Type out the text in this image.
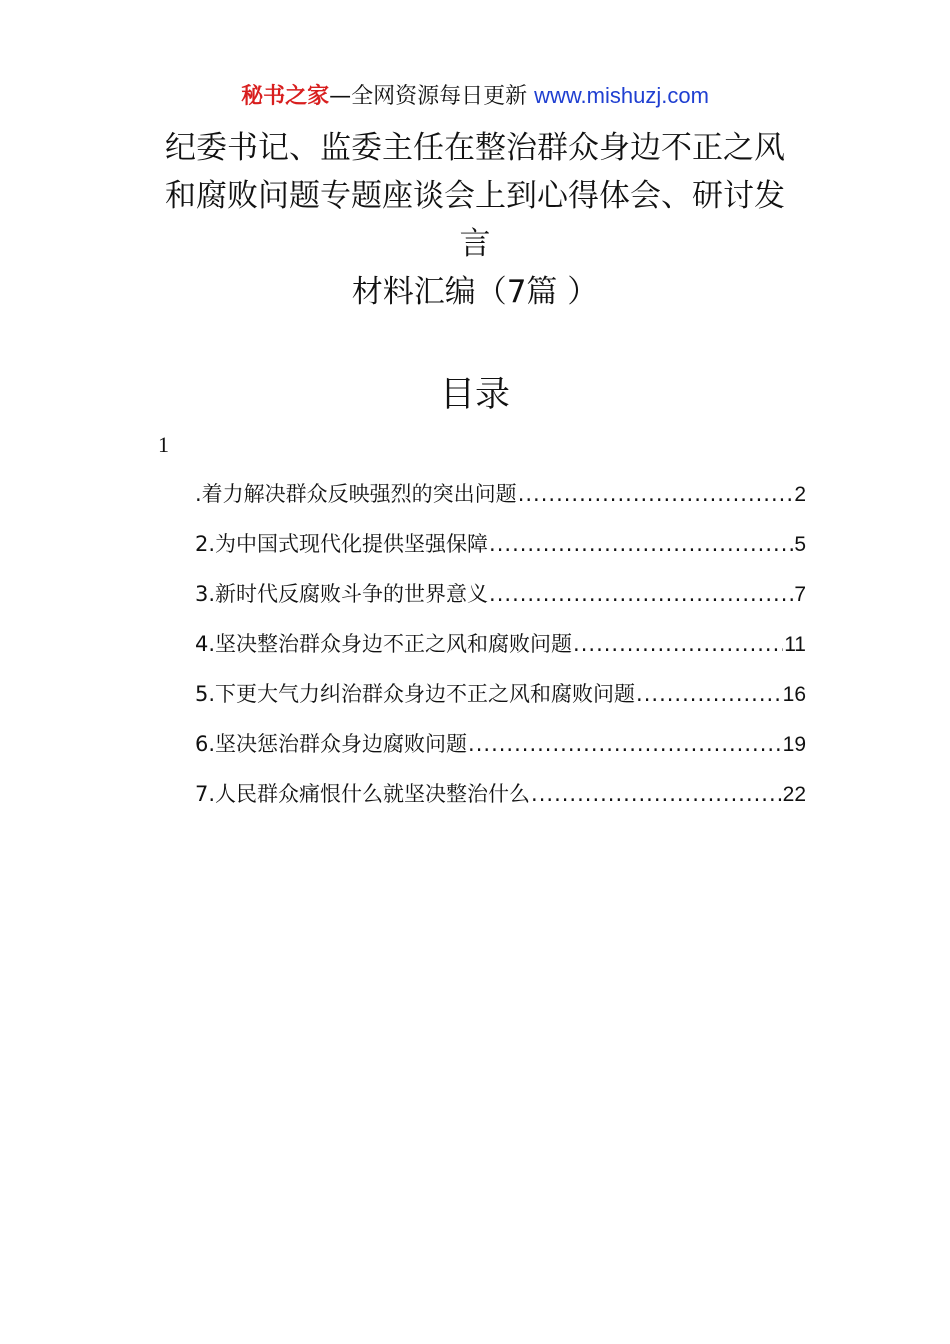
秘书之家—全网资源每日更新 www.mishuzj.com
纪委书记、监委主任在整治群众身边不正之风
和腐败问题专题座谈会上到心得体会、研讨发
言
材料汇编（7篇 ）
目录
1
.着力解决群众反映强烈的突出问题 .....	2
2.为中国式现代化提供坚强保障 .....	5
3.新时代反腐败斗争的世界意义 .....	7
4.坚决整治群众身边不正之风和腐败问题 .....	11
5.下更大气力纠治群众身边不正之风和腐败问题 .....	16
6.坚决惩治群众身边腐败问题 .....	19
7.人民群众痛恨什么就坚决整治什么 .....	22
